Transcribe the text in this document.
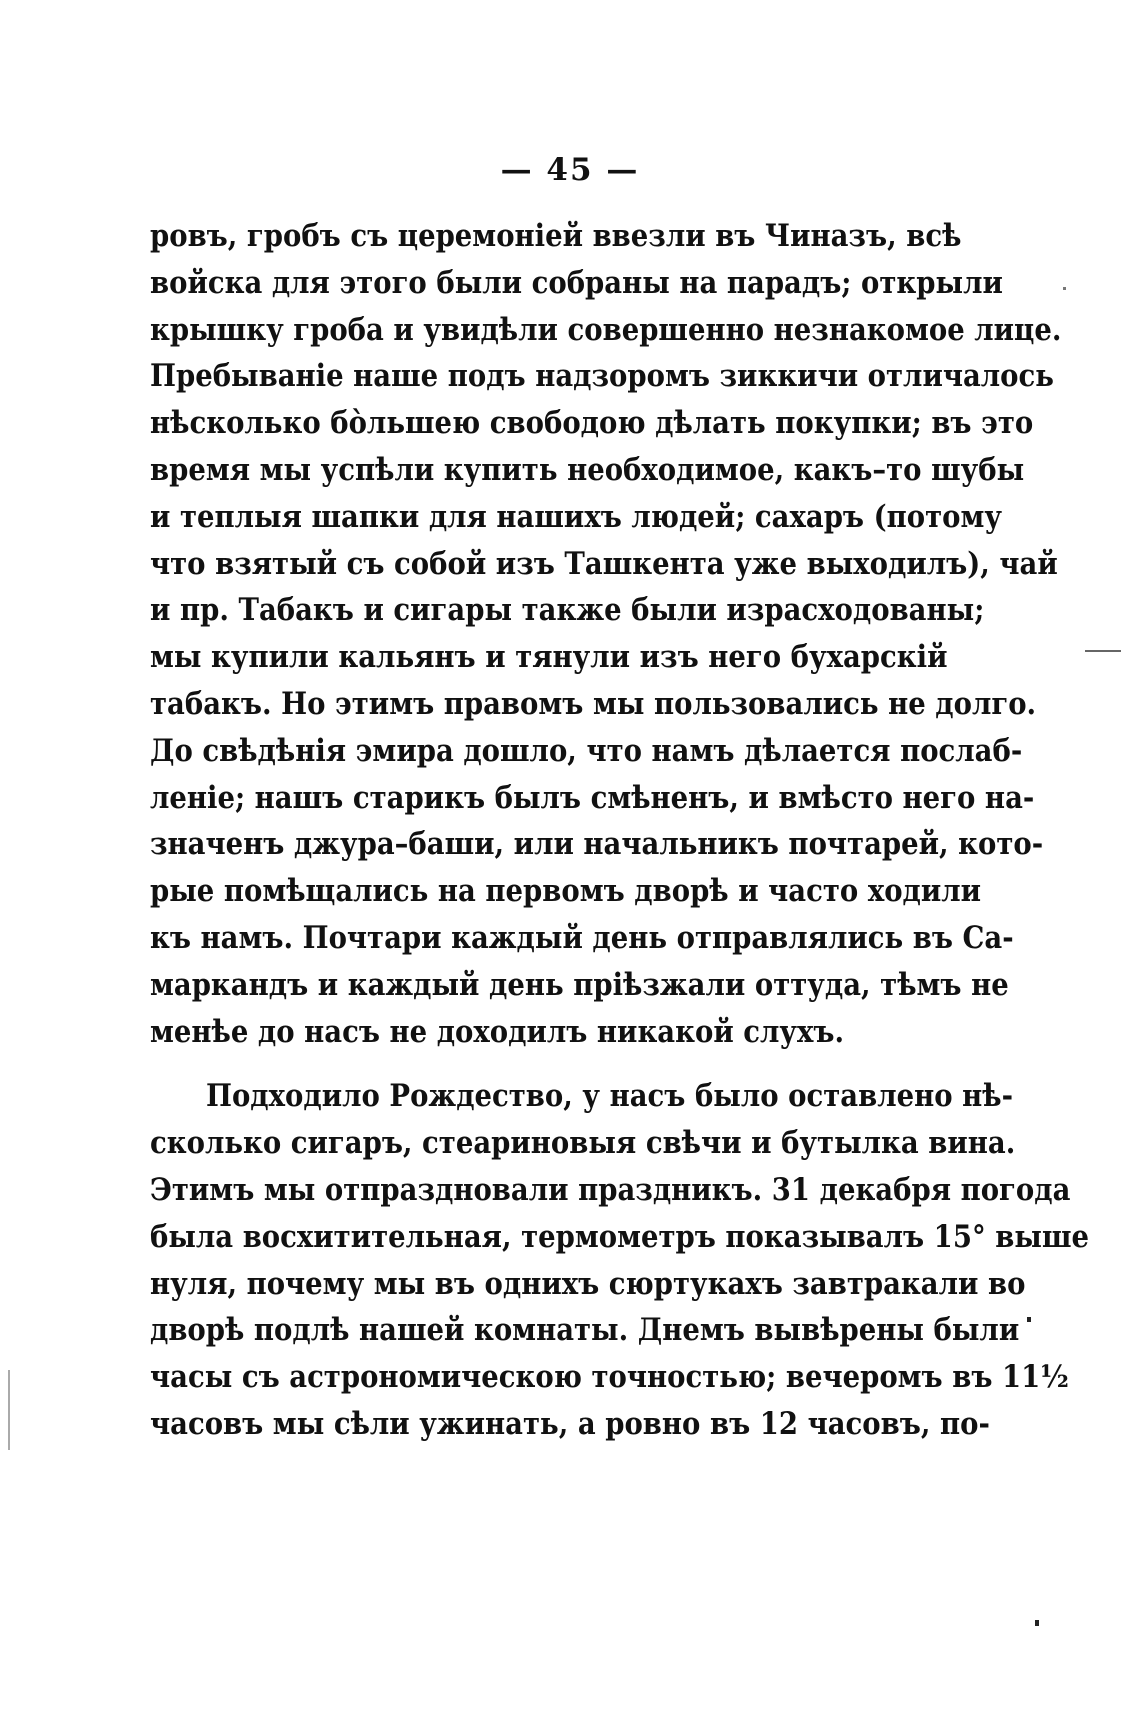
— 45 —
ровъ, гробъ съ церемоніей ввезли въ Чиназъ, всѣ
войска для этого были собраны на парадъ; открыли
крышку гроба и увидѣли совершенно незнакомое лице.
Пребываніе наше подъ надзоромъ зиккичи отличалось
нѣсколько бо̀льшею свободою дѣлать покупки; въ это
время мы успѣли купить необходимое, какъ–то шубы
и теплыя шапки для нашихъ людей; сахаръ (потому
что взятый съ собой изъ Ташкента уже выходилъ), чай
и пр. Табакъ и сигары также были израсходованы;
мы купили кальянъ и тянули изъ него бухарскій
табакъ. Но этимъ правомъ мы пользовались не долго.
До свѣдѣнія эмира дошло, что намъ дѣлается послаб-
леніе; нашъ старикъ былъ смѣненъ, и вмѣсто него на-
значенъ джура–баши, или начальникъ почтарей, кото-
рые помѣщались на первомъ дворѣ и часто ходили
къ намъ. Почтари каждый день отправлялись въ Са-
маркандъ и каждый день пріѣзжали оттуда, тѣмъ не
менѣе до насъ не доходилъ никакой слухъ.
Подходило Рождество, у насъ было оставлено нѣ-
сколько сигаръ, стеариновыя свѣчи и бутылка вина.
Этимъ мы отпраздновали праздникъ. 31 декабря погода
была восхитительная, термометръ показывалъ 15° выше
нуля, почему мы въ однихъ сюртукахъ завтракали во
дворѣ подлѣ нашей комнаты. Днемъ вывѣрены были
часы съ астрономическою точностью; вечеромъ въ 11½
часовъ мы сѣли ужинать, а ровно въ 12 часовъ, по-
